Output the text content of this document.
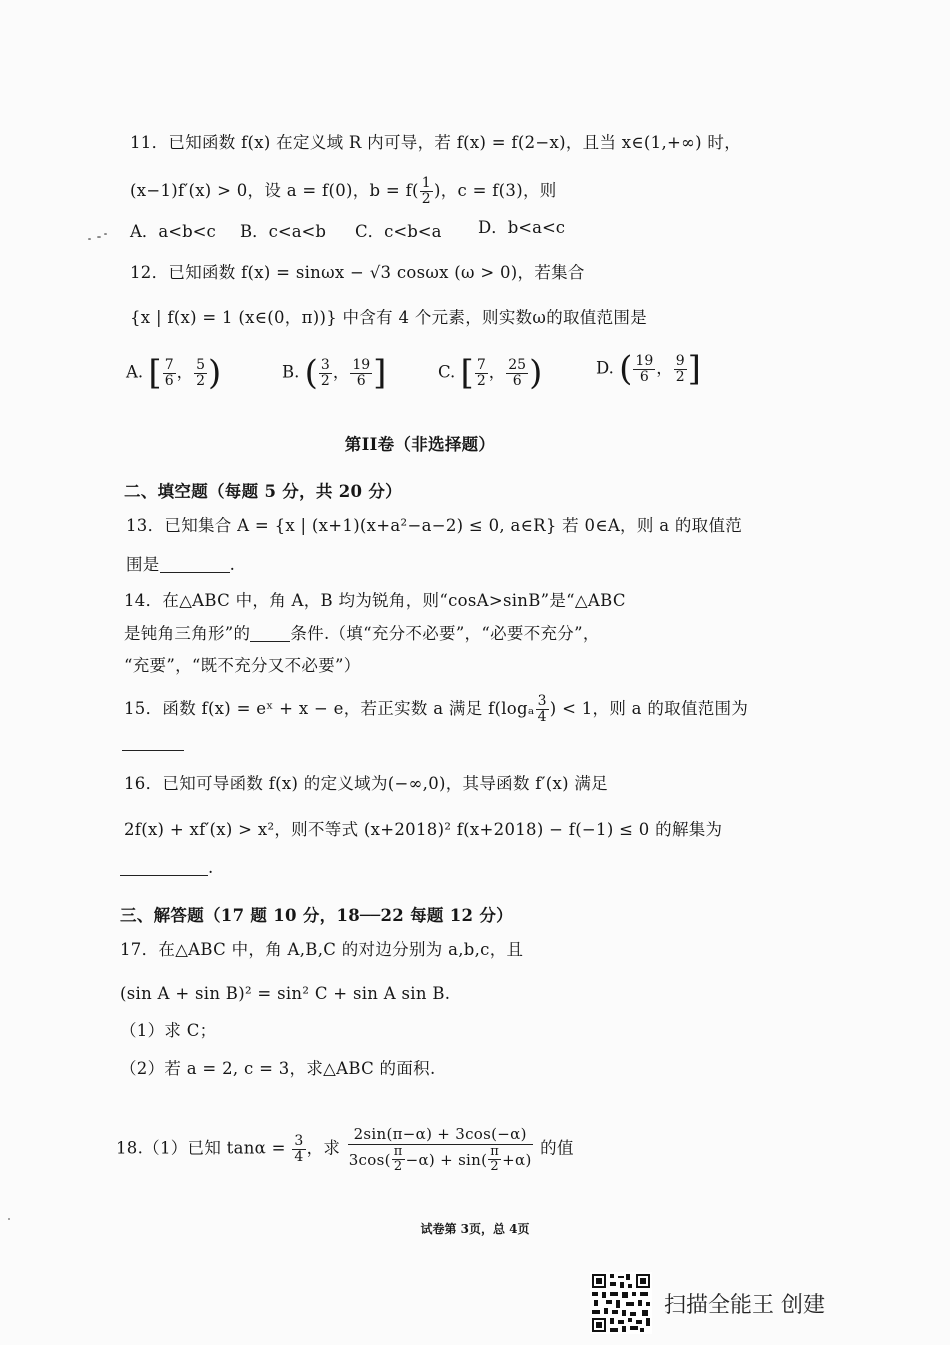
11．已知函数 f(x) 在定义域 R 内可导，若 f(x) = f(2−x)，且当 x∈(1,+∞) 时，
(x−1)f′(x) > 0，设 a = f(0)，$b = f( \frac{1}{2}$ )，c = f(3)，则
A．a<b<c B．c<a<b C．c<b<a D．b<a<c
12．已知函数 f(x) = sinωx − √3 cosωx (ω > 0)，若集合
{x | f(x) = 1 (x∈(0，π))} 中含有 4 个元素，则实数ω的取值范围是
A. [ $\frac{7}{6}$ ， $\frac{5}{2}$ )	B. ( $\frac{3}{2}$ ， $\frac{19}{6}$ ]	C. [ $\frac{7}{2}$ ， $\frac{25}{6}$ )	D. ( $\frac{19}{6}$ ， $\frac{9}{2}$ ]
第II卷（非选择题）
二、填空题（每题 5 分，共 20 分）
13．已知集合 A = {x | (x+1)(x+a²−a−2) ≤ 0, a∈R} 若 0∈A，则 a 的取值范
围是	.
14．在△ABC 中，角 A，B 均为锐角，则“cosA>sinB”是“△ABC
是钝角三角形”的 条件.（填“充分不必要”，“必要不充分”，
“充要”，“既不充分又不必要”）
15．函数 f(x) = eˣ + x − e，若正实数 a 满足 $f(\log_a \frac{3}{4}$ ) < 1，则 a 的取值范围为
16．已知可导函数 f(x) 的定义域为(−∞,0)，其导函数 f′(x) 满足
2f(x) + xf′(x) > x²，则不等式 (x+2018)² f(x+2018) − f(−1) ≤ 0 的解集为
.
三、解答题（17 题 10 分，18──22 每题 12 分）
17．在△ABC 中，角 A,B,C 的对边分别为 a,b,c，且
(sin A + sin B)² = sin² C + sin A sin B.
（1）求 C；
（2）若 a = 2, c = 3，求△ABC 的面积.
18.（1）已知 $\tan\alpha = \frac{3}{4}$ ，求 $\frac{2\sin(\pi-\alpha) + 3\cos(-\alpha)}{3\cos( \frac{\pi}{2} -\alpha) + \sin( \frac{\pi}{2} +\alpha)}$ 的值
试卷第 3页，总 4页
扫描全能王 创建
